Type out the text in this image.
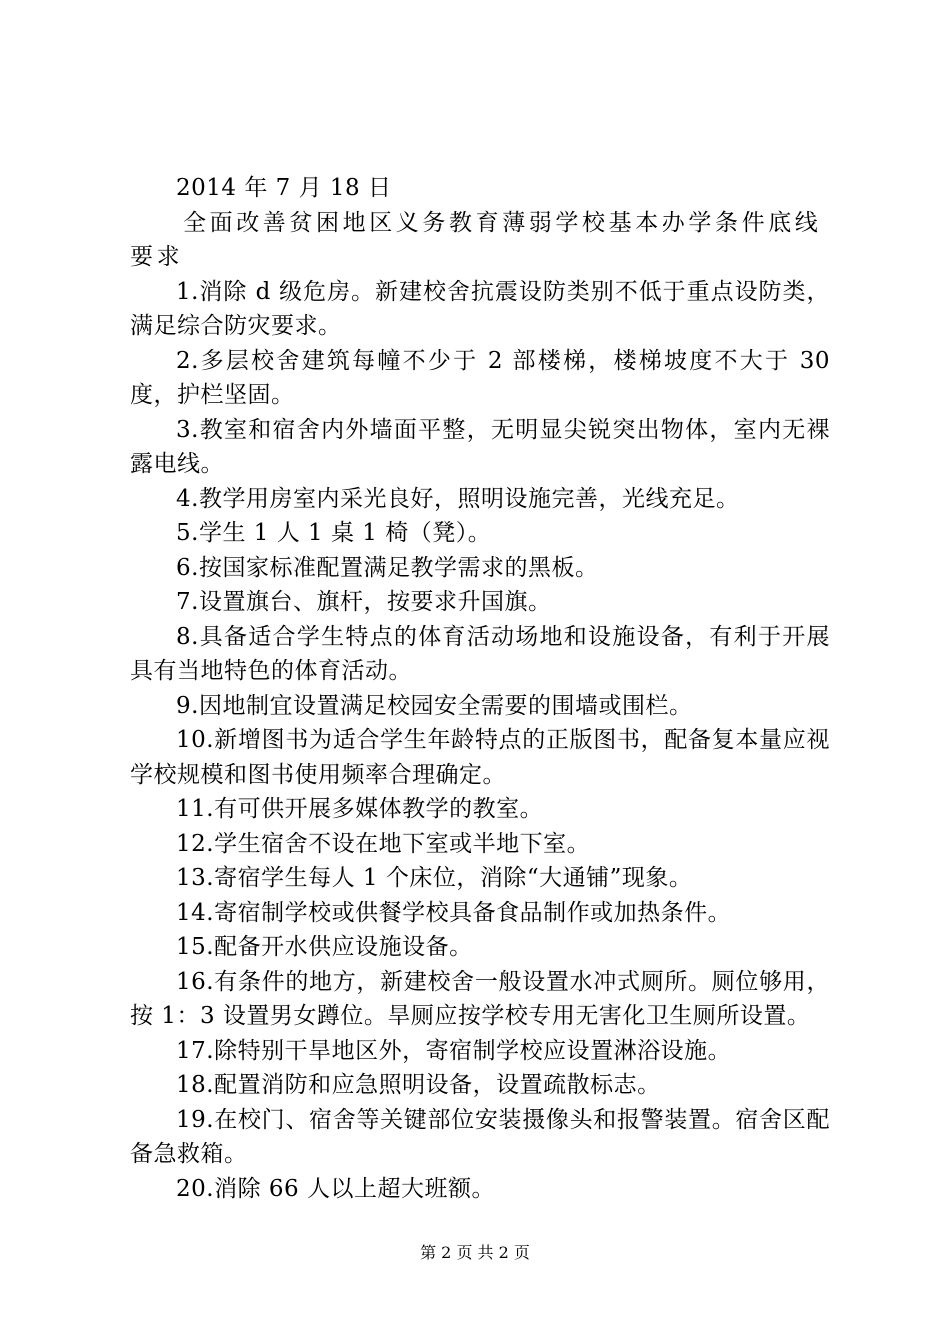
2014 年 7 月 18 日

全面改善贫困地区义务教育薄弱学校基本办学条件底线要求

1.消除 d 级危房。新建校舍抗震设防类别不低于重点设防类，满足综合防灾要求。

2.多层校舍建筑每幢不少于 2 部楼梯，楼梯坡度不大于 30 度，护栏坚固。

3.教室和宿舍内外墙面平整，无明显尖锐突出物体，室内无裸露电线。

4.教学用房室内采光良好，照明设施完善，光线充足。

5.学生 1 人 1 桌 1 椅（凳）。

6.按国家标准配置满足教学需求的黑板。

7.设置旗台、旗杆，按要求升国旗。

8.具备适合学生特点的体育活动场地和设施设备，有利于开展具有当地特色的体育活动。

9.因地制宜设置满足校园安全需要的围墙或围栏。

10.新增图书为适合学生年龄特点的正版图书，配备复本量应视学校规模和图书使用频率合理确定。

11.有可供开展多媒体教学的教室。

12.学生宿舍不设在地下室或半地下室。

13.寄宿学生每人 1 个床位，消除“大通铺”现象。

14.寄宿制学校或供餐学校具备食品制作或加热条件。

15.配备开水供应设施设备。

16.有条件的地方，新建校舍一般设置水冲式厕所。厕位够用，按 1：3 设置男女蹲位。旱厕应按学校专用无害化卫生厕所设置。

17.除特别干旱地区外，寄宿制学校应设置淋浴设施。

18.配置消防和应急照明设备，设置疏散标志。

19.在校门、宿舍等关键部位安装摄像头和报警装置。宿舍区配备急救箱。

20.消除 66 人以上超大班额。

第 2 页 共 2 页
